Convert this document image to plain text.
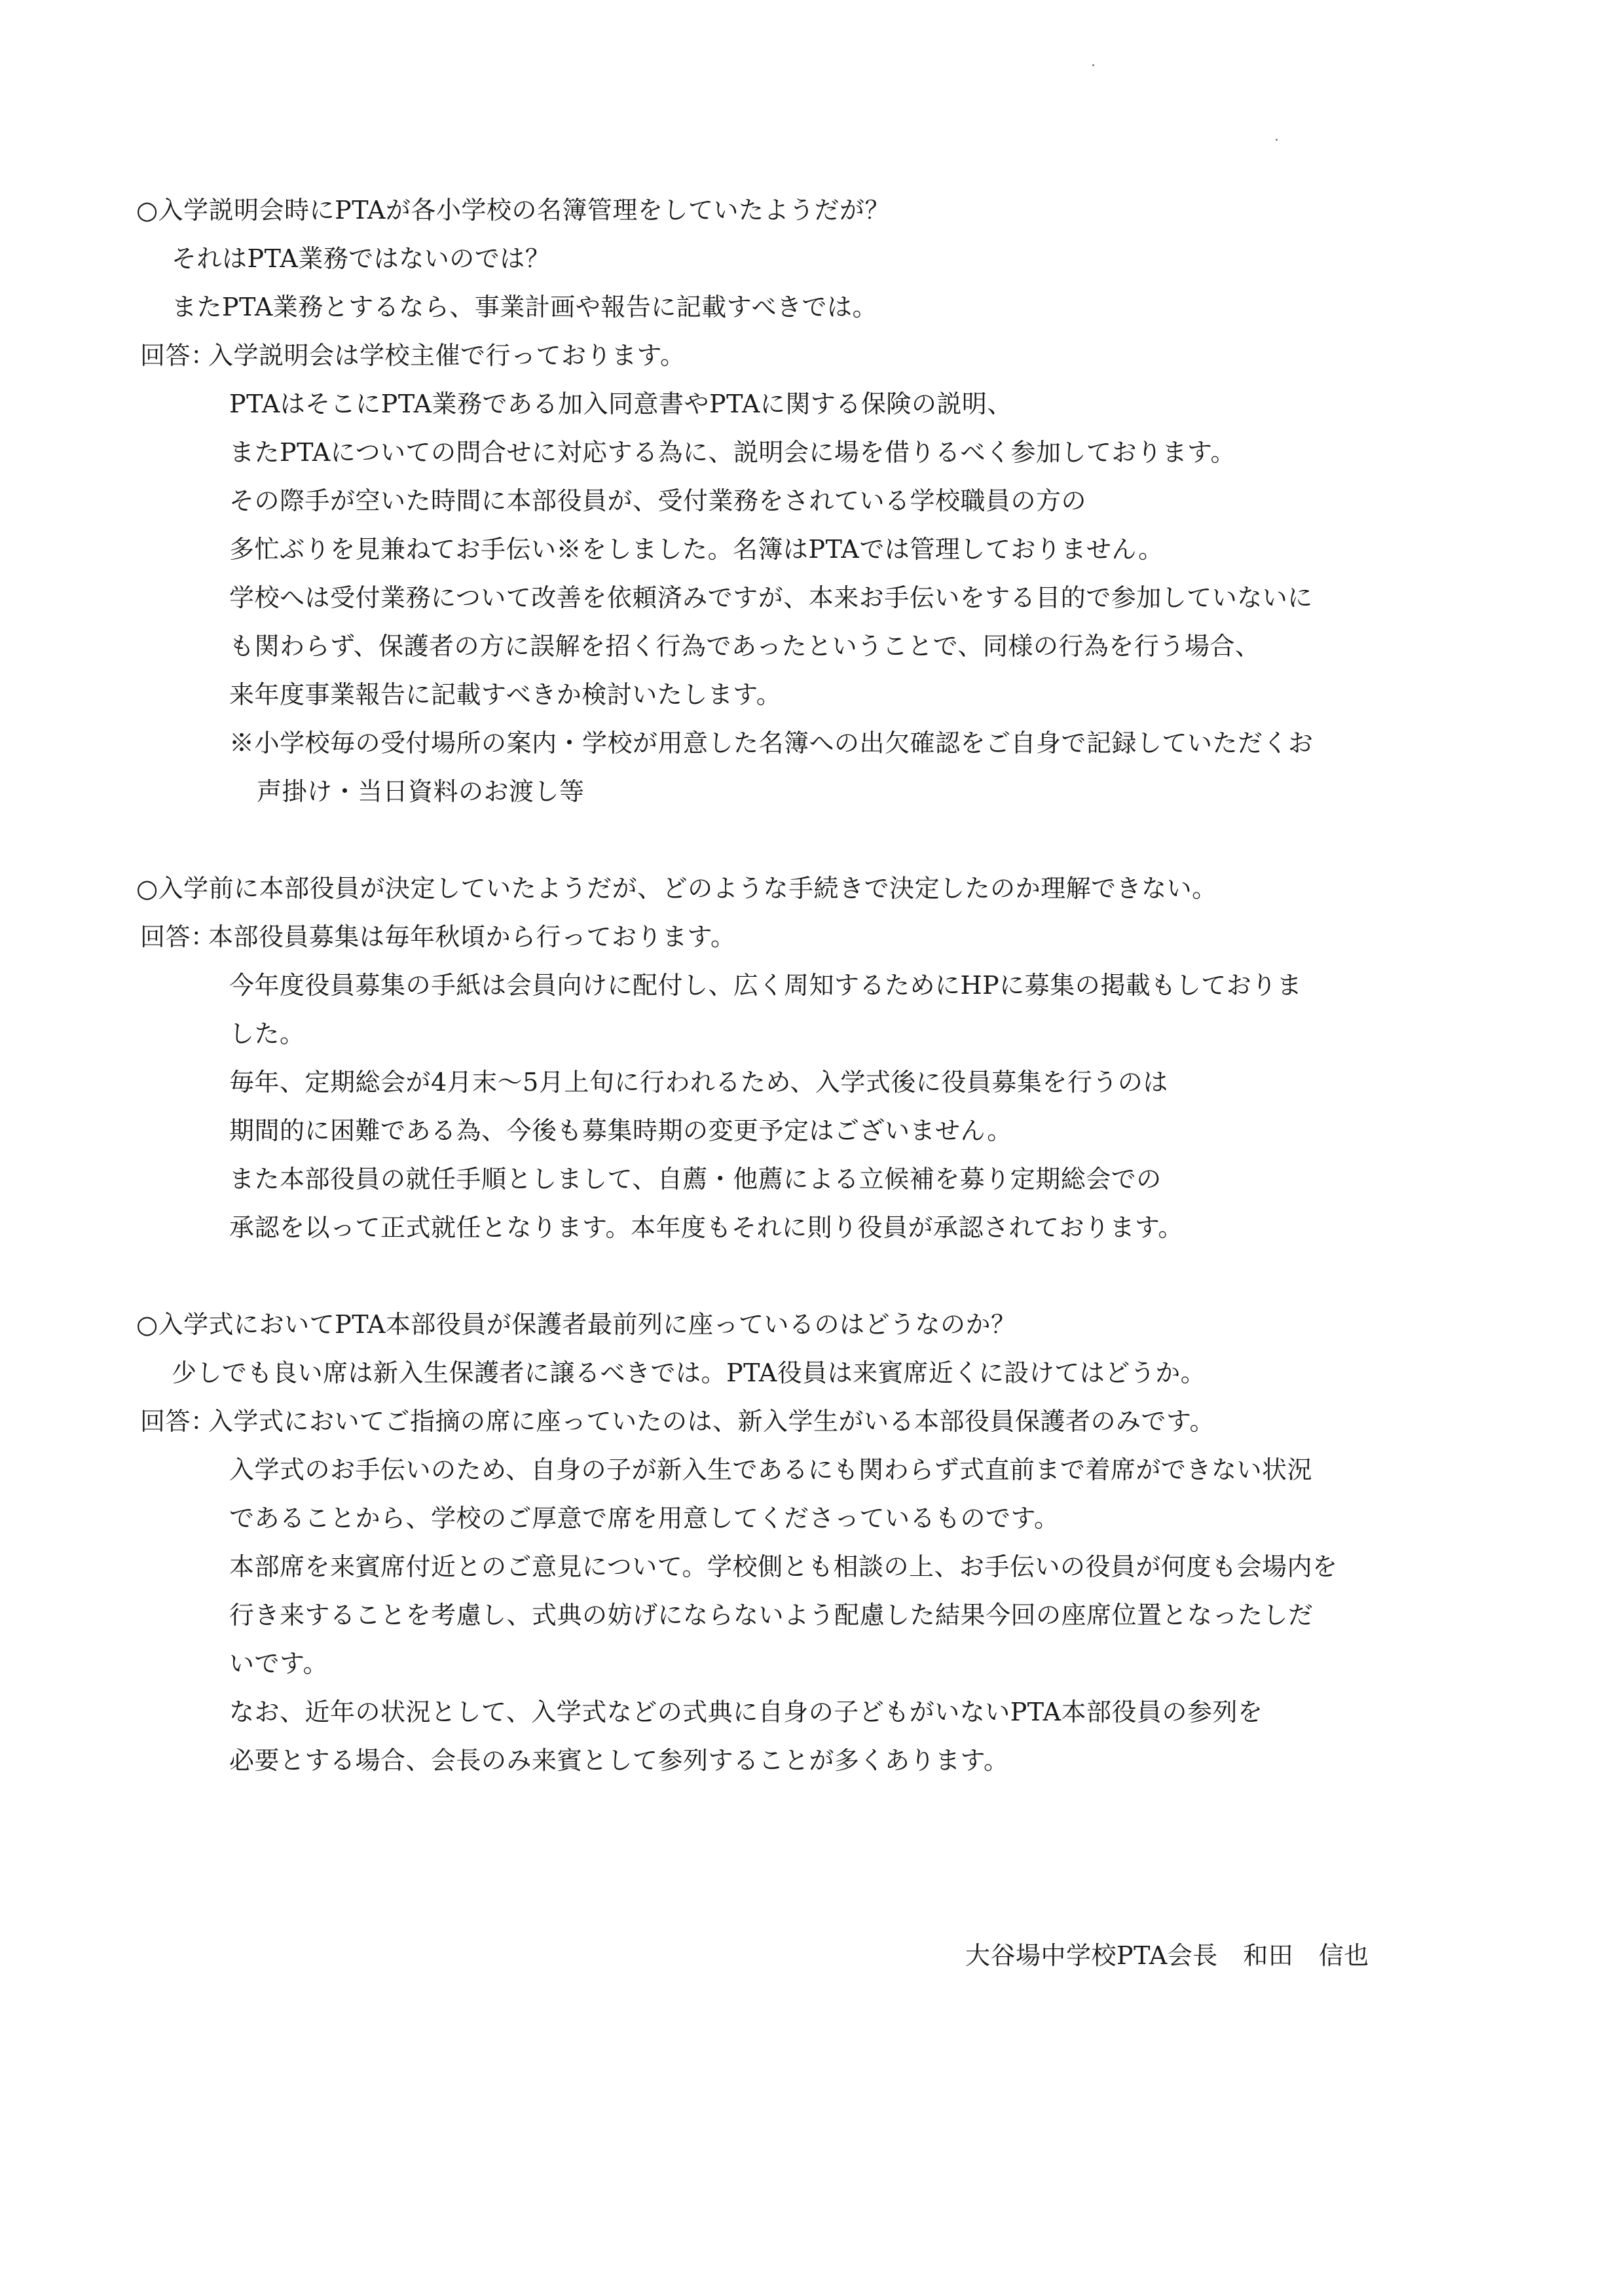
○入学説明会時にPTAが各小学校の名簿管理をしていたようだが？
それはPTA業務ではないのでは？
またPTA業務とするなら、事業計画や報告に記載すべきでは。
回答：
入学説明会は学校主催で行っております。
PTAはそこにPTA業務である加入同意書やPTAに関する保険の説明、
またPTAについての問合せに対応する為に、説明会に場を借りるべく参加しております。
その際手が空いた時間に本部役員が、受付業務をされている学校職員の方の
多忙ぶりを見兼ねてお手伝い※をしました。名簿はPTAでは管理しておりません。
学校へは受付業務について改善を依頼済みですが、本来お手伝いをする目的で参加していないに
も関わらず、保護者の方に誤解を招く行為であったということで、同様の行為を行う場合、
来年度事業報告に記載すべきか検討いたします。
※小学校毎の受付場所の案内・学校が用意した名簿への出欠確認をご自身で記録していただくお
声掛け・当日資料のお渡し等
○入学前に本部役員が決定していたようだが、どのような手続きで決定したのか理解できない。
回答：
本部役員募集は毎年秋頃から行っております。
今年度役員募集の手紙は会員向けに配付し、広く周知するためにHPに募集の掲載もしておりま
した。
毎年、定期総会が4月末～5月上旬に行われるため、入学式後に役員募集を行うのは
期間的に困難である為、今後も募集時期の変更予定はございません。
また本部役員の就任手順としまして、自薦・他薦による立候補を募り定期総会での
承認を以って正式就任となります。本年度もそれに則り役員が承認されております。
○入学式においてPTA本部役員が保護者最前列に座っているのはどうなのか？
少しでも良い席は新入生保護者に譲るべきでは。PTA役員は来賓席近くに設けてはどうか。
回答：
入学式においてご指摘の席に座っていたのは、新入学生がいる本部役員保護者のみです。
入学式のお手伝いのため、自身の子が新入生であるにも関わらず式直前まで着席ができない状況
であることから、学校のご厚意で席を用意してくださっているものです。
本部席を来賓席付近とのご意見について。学校側とも相談の上、お手伝いの役員が何度も会場内を
行き来することを考慮し、式典の妨げにならないよう配慮した結果今回の座席位置となったしだ
いです。
なお、近年の状況として、入学式などの式典に自身の子どもがいないPTA本部役員の参列を
必要とする場合、会長のみ来賓として参列することが多くあります。
大谷場中学校PTA会長　和田　信也
